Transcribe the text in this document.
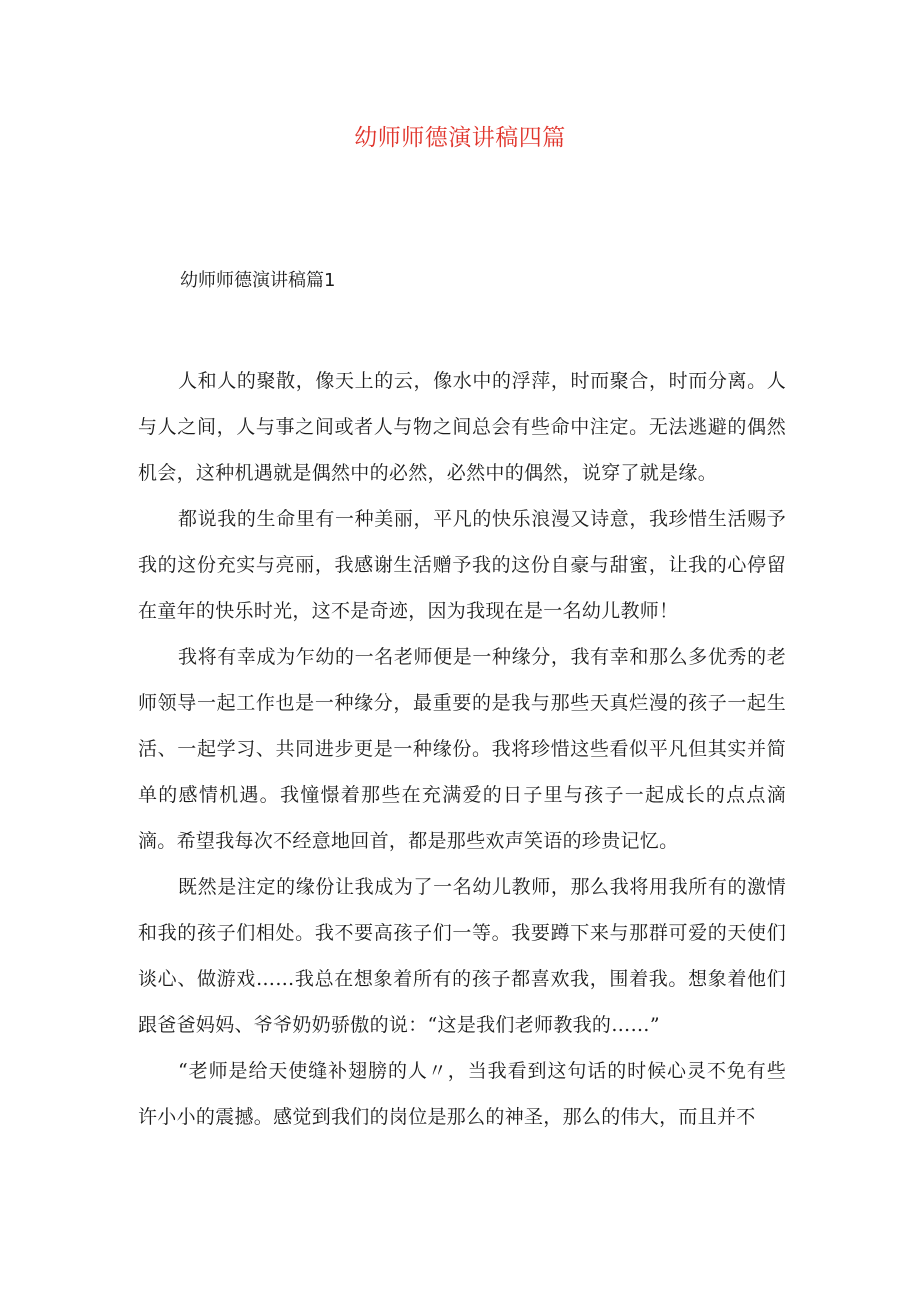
幼师师德演讲稿四篇
幼师师德演讲稿篇1

人和人的聚散，像天上的云，像水中的浮萍，时而聚合，时而分离。人与人之间，人与事之间或者人与物之间总会有些命中注定。无法逃避的偶然机会，这种机遇就是偶然中的必然，必然中的偶然，说穿了就是缘。

都说我的生命里有一种美丽，平凡的快乐浪漫又诗意，我珍惜生活赐予我的这份充实与亮丽，我感谢生活赠予我的这份自豪与甜蜜，让我的心停留在童年的快乐时光，这不是奇迹，因为我现在是一名幼儿教师！

我将有幸成为乍幼的一名老师便是一种缘分，我有幸和那么多优秀的老师领导一起工作也是一种缘分，最重要的是我与那些天真烂漫的孩子一起生活、一起学习、共同进步更是一种缘份。我将珍惜这些看似平凡但其实并简单的感情机遇。我憧憬着那些在充满爱的日子里与孩子一起成长的点点滴滴。希望我每次不经意地回首，都是那些欢声笑语的珍贵记忆。

既然是注定的缘份让我成为了一名幼儿教师，那么我将用我所有的激情和我的孩子们相处。我不要高孩子们一等。我要蹲下来与那群可爱的天使们谈心、做游戏……我总在想象着所有的孩子都喜欢我，围着我。想象着他们跟爸爸妈妈、爷爷奶奶骄傲的说：“这是我们老师教我的……”

“老师是给天使缝补翅膀的人〃，当我看到这句话的时候心灵不免有些许小小的震撼。感觉到我们的岗位是那么的神圣，那么的伟大，而且并不
